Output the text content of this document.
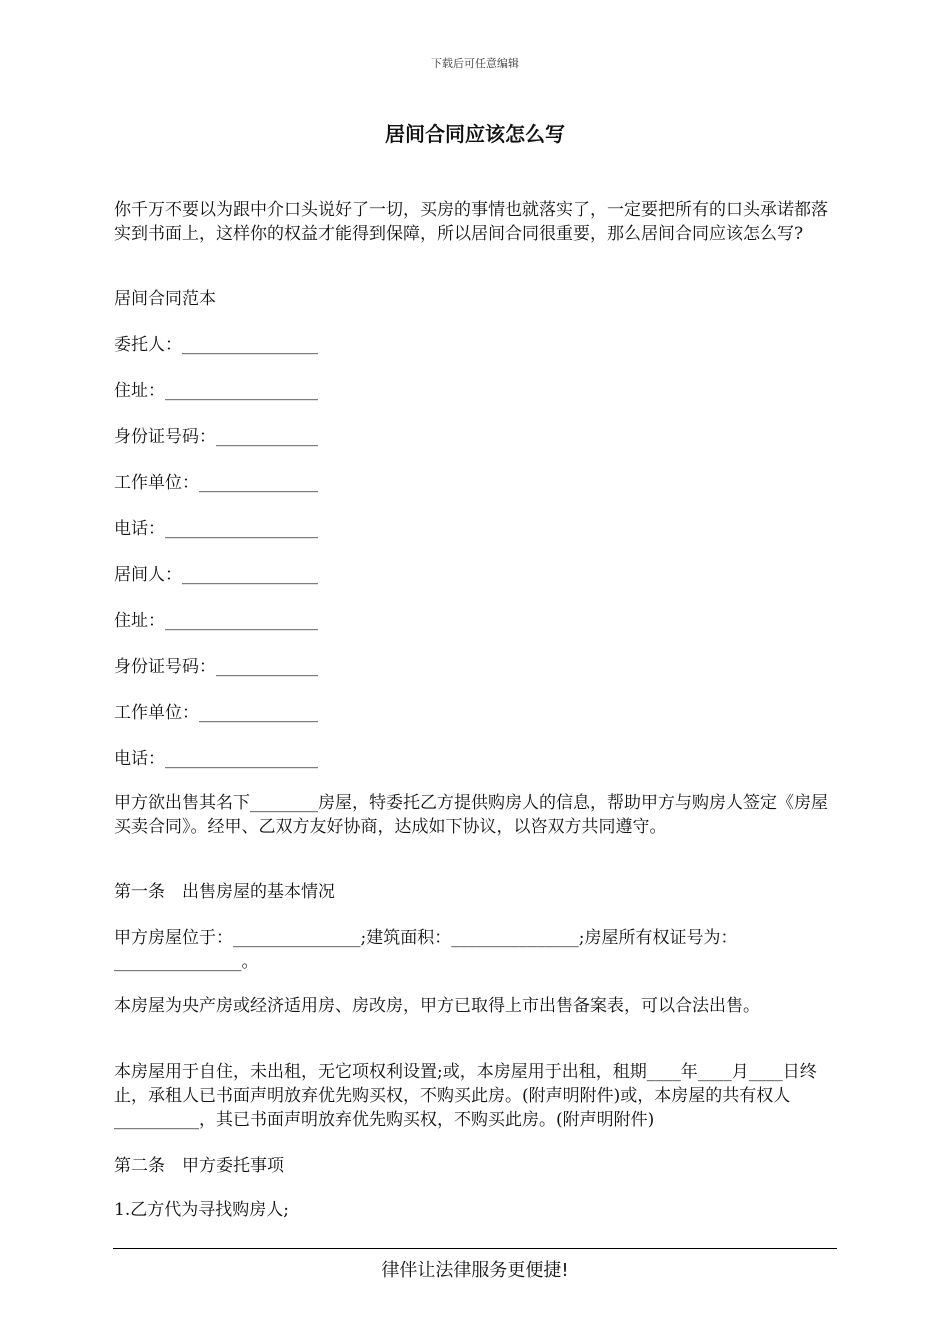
下载后可任意编辑
居间合同应该怎么写

你千万不要以为跟中介口头说好了一切，买房的事情也就落实了，一定要把所有的口头承诺都落实到书面上，这样你的权益才能得到保障，所以居间合同很重要，那么居间合同应该怎么写?

居间合同范本

委托人：________________

住址：__________________

身份证号码：____________

工作单位：______________

电话：__________________

居间人：________________

住址：__________________

身份证号码：____________

工作单位：______________

电话：__________________

甲方欲出售其名下________房屋，特委托乙方提供购房人的信息，帮助甲方与购房人签定《房屋买卖合同》。经甲、乙双方友好协商，达成如下协议，以咨双方共同遵守。

第一条　出售房屋的基本情况

甲方房屋位于：_______________;建筑面积：_______________;房屋所有权证号为：_______________。

本房屋为央产房或经济适用房、房改房，甲方已取得上市出售备案表，可以合法出售。

本房屋用于自住，未出租，无它项权利设置;或，本房屋用于出租，租期____年____月____日终止，承租人已书面声明放弃优先购买权，不购买此房。(附声明附件)或，本房屋的共有权人__________，其已书面声明放弃优先购买权，不购买此房。(附声明附件)

第二条　甲方委托事项

1.乙方代为寻找购房人;

律伴让法律服务更便捷!
